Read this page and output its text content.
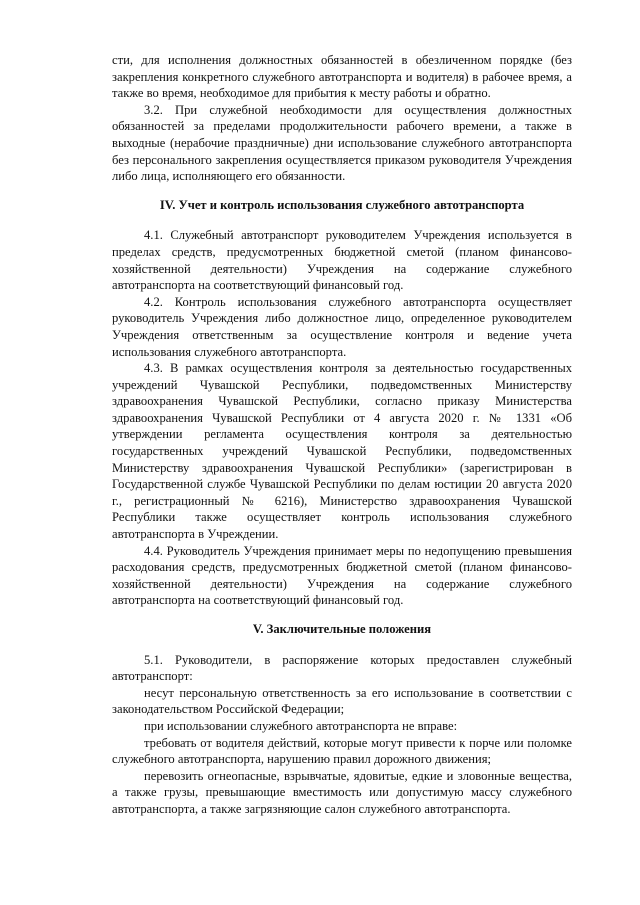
сти, для исполнения должностных обязанностей в обезличенном порядке (без закрепления конкретного служебного автотранспорта и водителя) в рабочее время, а также во время, необходимое для прибытия к месту работы и обратно.

3.2. При служебной необходимости для осуществления должностных обязанностей за пределами продолжительности рабочего времени, а также в выходные (нерабочие праздничные) дни использование служебного автотранспорта без персонального закрепления осуществляется приказом руководителя Учреждения либо лица, исполняющего его обязанности.

IV. Учет и контроль использования служебного автотранспорта

4.1. Служебный автотранспорт руководителем Учреждения используется в пределах средств, предусмотренных бюджетной сметой (планом финансово-хозяйственной деятельности) Учреждения на содержание служебного автотранспорта на соответствующий финансовый год.

4.2. Контроль использования служебного автотранспорта осуществляет руководитель Учреждения либо должностное лицо, определенное руководителем Учреждения ответственным за осуществление контроля и ведение учета использования служебного автотранспорта.

4.3. В рамках осуществления контроля за деятельностью государственных учреждений Чувашской Республики, подведомственных Министерству здравоохранения Чувашской Республики, согласно приказу Министерства здравоохранения Чувашской Республики от 4 августа 2020 г. № 1331 «Об утверждении регламента осуществления контроля за деятельностью государственных учреждений Чувашской Республики, подведомственных Министерству здравоохранения Чувашской Республики» (зарегистрирован в Государственной службе Чувашской Республики по делам юстиции 20 августа 2020 г., регистрационный № 6216), Министерство здравоохранения Чувашской Республики также осуществляет контроль использования служебного автотранспорта в Учреждении.

4.4. Руководитель Учреждения принимает меры по недопущению превышения расходования средств, предусмотренных бюджетной сметой (планом финансово-хозяйственной деятельности) Учреждения на содержание служебного автотранспорта на соответствующий финансовый год.

V. Заключительные положения

5.1. Руководители, в распоряжение которых предоставлен служебный автотранспорт:

несут персональную ответственность за его использование в соответствии с законодательством Российской Федерации;

при использовании служебного автотранспорта не вправе:

требовать от водителя действий, которые могут привести к порче или поломке служебного автотранспорта, нарушению правил дорожного движения;

перевозить огнеопасные, взрывчатые, ядовитые, едкие и зловонные вещества, а также грузы, превышающие вместимость или допустимую массу служебного автотранспорта, а также загрязняющие салон служебного автотранспорта.
